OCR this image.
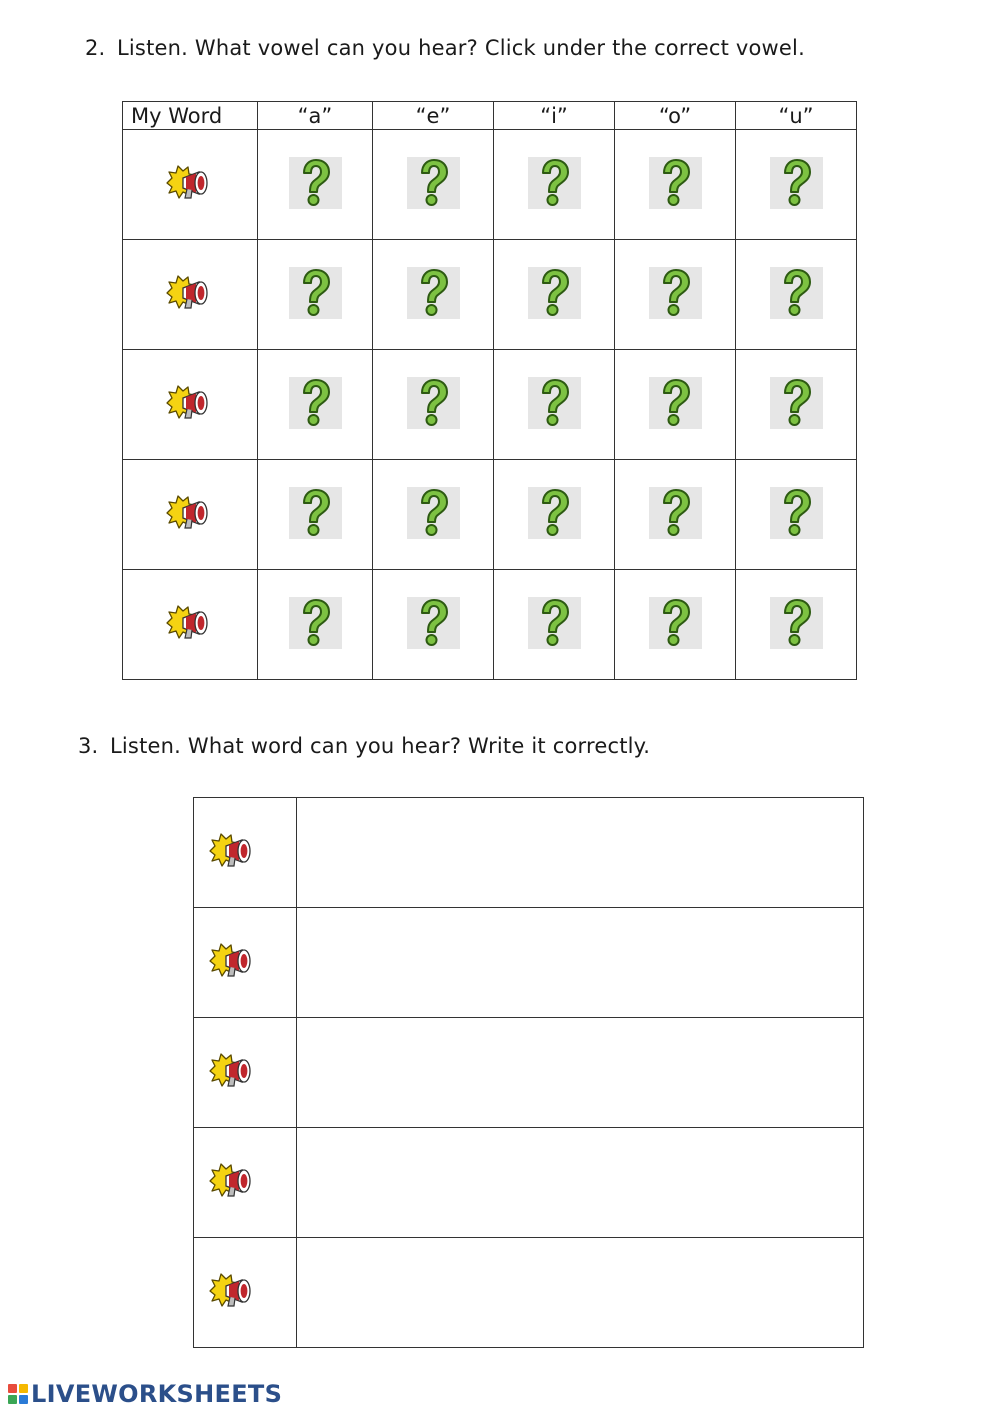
2. Listen. What vowel can you hear? Click under the correct vowel.
My Word	“a”	“e”	“i”	“o”	“u”

3. Listen. What word can you hear? Write it correctly.

LIVEWORKSHEETS
